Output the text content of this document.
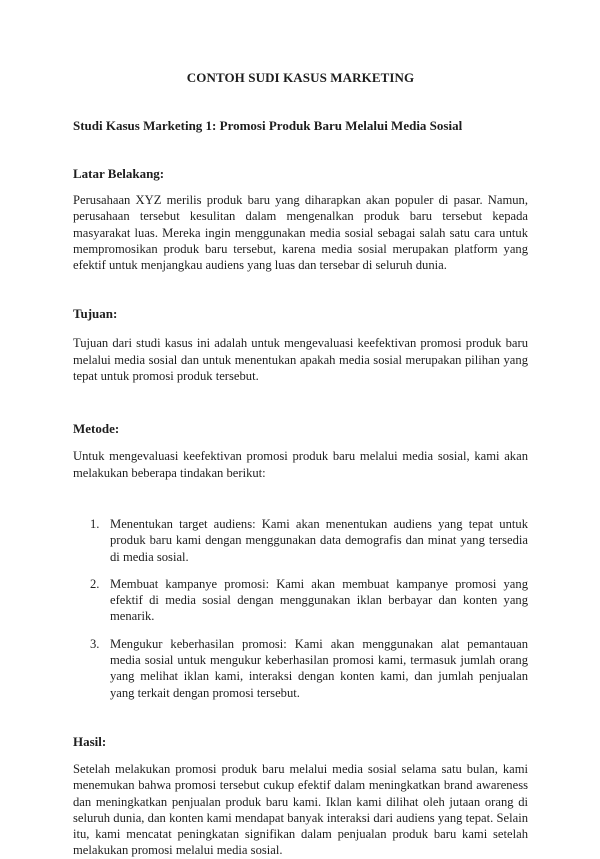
CONTOH SUDI KASUS MARKETING
Studi Kasus Marketing 1: Promosi Produk Baru Melalui Media Sosial
Latar Belakang:

Perusahaan XYZ merilis produk baru yang diharapkan akan populer di pasar. Namun, perusahaan tersebut kesulitan dalam mengenalkan produk baru tersebut kepada masyarakat luas. Mereka ingin menggunakan media sosial sebagai salah satu cara untuk mempromosikan produk baru tersebut, karena media sosial merupakan platform yang efektif untuk menjangkau audiens yang luas dan tersebar di seluruh dunia.

Tujuan:

Tujuan dari studi kasus ini adalah untuk mengevaluasi keefektivan promosi produk baru melalui media sosial dan untuk menentukan apakah media sosial merupakan pilihan yang tepat untuk promosi produk tersebut.

Metode:

Untuk mengevaluasi keefektivan promosi produk baru melalui media sosial, kami akan melakukan beberapa tindakan berikut:

1. Menentukan target audiens: Kami akan menentukan audiens yang tepat untuk produk baru kami dengan menggunakan data demografis dan minat yang tersedia di media sosial.

2. Membuat kampanye promosi: Kami akan membuat kampanye promosi yang efektif di media sosial dengan menggunakan iklan berbayar dan konten yang menarik.

3. Mengukur keberhasilan promosi: Kami akan menggunakan alat pemantauan media sosial untuk mengukur keberhasilan promosi kami, termasuk jumlah orang yang melihat iklan kami, interaksi dengan konten kami, dan jumlah penjualan yang terkait dengan promosi tersebut.

Hasil:

Setelah melakukan promosi produk baru melalui media sosial selama satu bulan, kami menemukan bahwa promosi tersebut cukup efektif dalam meningkatkan brand awareness dan meningkatkan penjualan produk baru kami. Iklan kami dilihat oleh jutaan orang di seluruh dunia, dan konten kami mendapat banyak interaksi dari audiens yang tepat. Selain itu, kami mencatat peningkatan signifikan dalam penjualan produk baru kami setelah melakukan promosi melalui media sosial.
